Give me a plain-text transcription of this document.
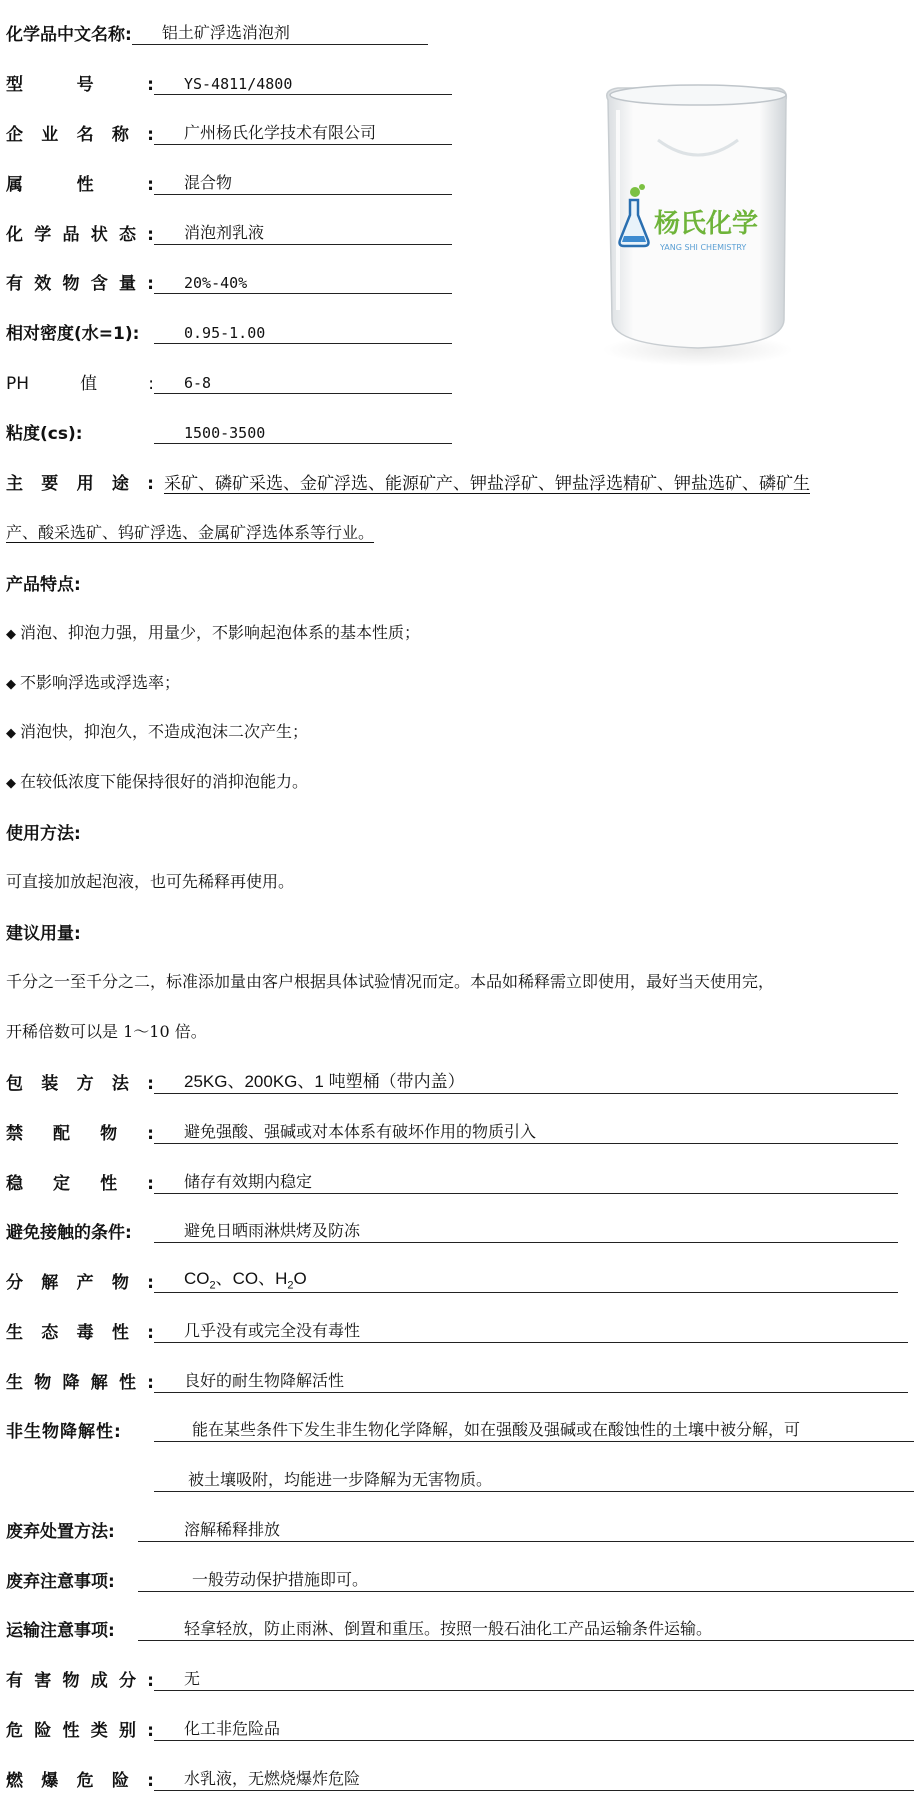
杨氏化学
YANG SHI CHEMISTRY
化学品中文名称:	铝土矿浮选消泡剂
型号:	YS-4811/4800
企业名称:	广州杨氏化学技术有限公司
属性:	混合物
化学品状态:	消泡剂乳液
有效物含量:	20%-40%
相对密度(水=1):	0.95-1.00
PH值:	6-8
粘度(cs):	1500-3500
主要用途: 采矿、磷矿采选、金矿浮选、能源矿产、钾盐浮矿、钾盐浮选精矿、钾盐选矿、磷矿生
产、酸采选矿、钨矿浮选、金属矿浮选体系等行业。
产品特点:
◆ 消泡、抑泡力强，用量少，不影响起泡体系的基本性质；
◆ 不影响浮选或浮选率；
◆ 消泡快，抑泡久，不造成泡沫二次产生；
◆ 在较低浓度下能保持很好的消抑泡能力。
使用方法:
可直接加放起泡液，也可先稀释再使用。
建议用量:
千分之一至千分之二，标准添加量由客户根据具体试验情况而定。本品如稀释需立即使用，最好当天使用完，
开稀倍数可以是 1～10 倍。
包装方法:	25KG、200KG、1 吨塑桶（带内盖）
禁配物:	避免强酸、强碱或对本体系有破坏作用的物质引入
稳定性:	储存有效期内稳定
避免接触的条件:	避免日晒雨淋烘烤及防冻
分解产物:	$CO_2$、CO、$H_2O$
生态毒性:	几乎没有或完全没有毒性
生物降解性:	良好的耐生物降解活性
非生物降解性:	能在某些条件下发生非生物化学降解，如在强酸及强碱或在酸蚀性的土壤中被分解，可
被土壤吸附，均能进一步降解为无害物质。
废弃处置方法:	溶解稀释排放
废弃注意事项:	一般劳动保护措施即可。
运输注意事项:	轻拿轻放，防止雨淋、倒置和重压。按照一般石油化工产品运输条件运输。
有害物成分:	无
危险性类别:	化工非危险品
燃爆危险:	水乳液，无燃烧爆炸危险
